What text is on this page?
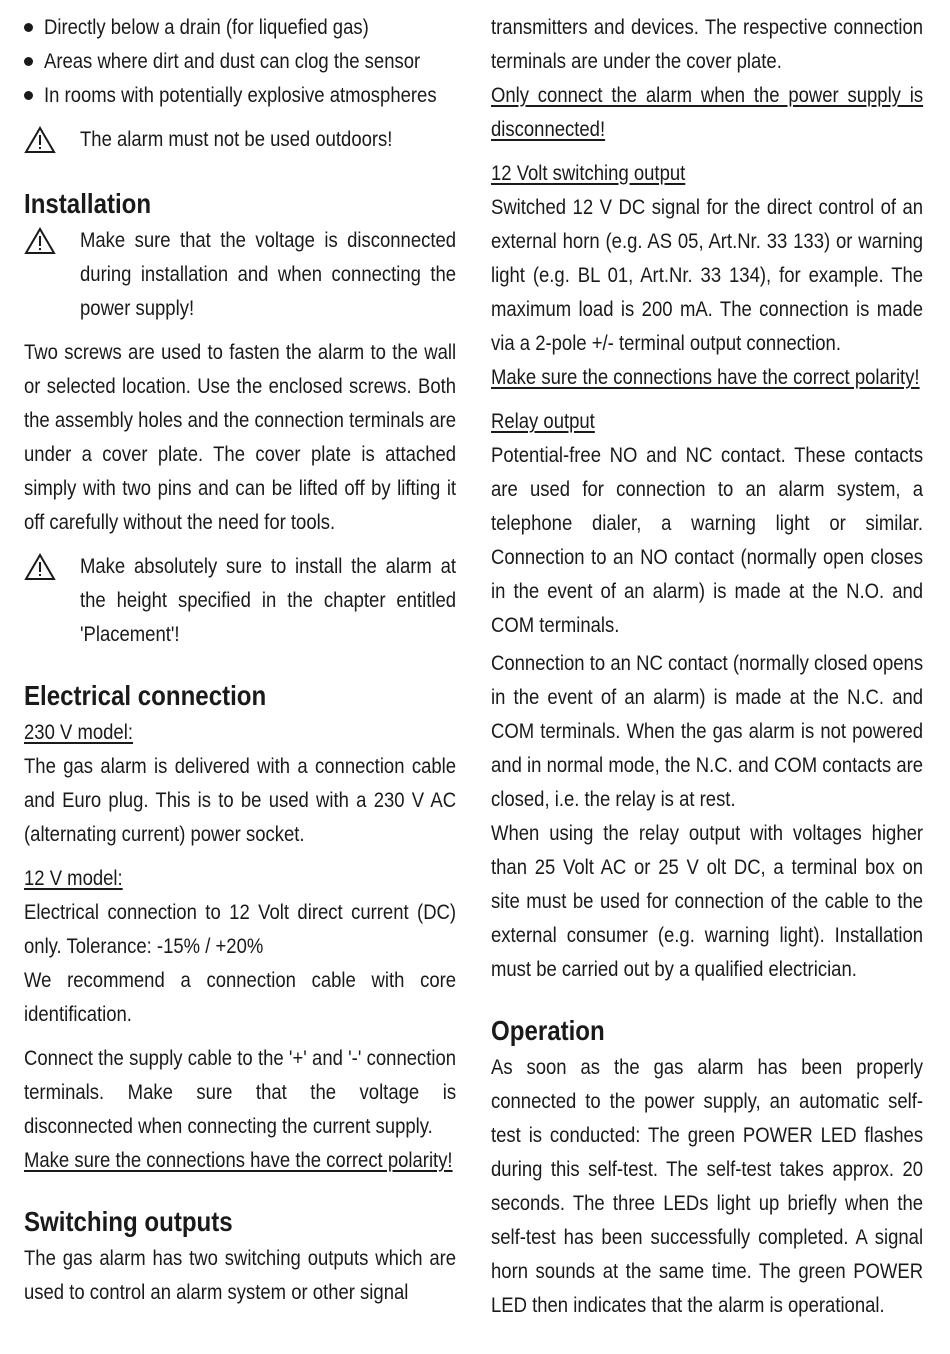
Directly below a drain (for liquefied gas)

Areas where dirt and dust can clog the sensor

In rooms with potentially explosive atmospheres

The alarm must not be used outdoors!

Installation

Make sure that the voltage is disconnected during installation and when connecting the power supply!

Two screws are used to fasten the alarm to the wall or selected location. Use the enclosed screws. Both the assembly holes and the connection terminals are under a cover plate. The cover plate is attached simply with two pins and can be lifted off by lifting it off carefully without the need for tools.

Make absolutely sure to install the alarm at the height specified in the chapter entitled 'Placement'!

Electrical connection

230 V model:

The gas alarm is delivered with a connection cable and Euro plug. This is to be used with a 230 V AC (alternating current) power socket.

12 V model:

Electrical connection to 12 Volt direct current (DC) only. Tolerance: -15% / +20%

We recommend a connection cable with core identification.

Connect the supply cable to the '+' and '-' connection terminals. Make sure that the voltage is disconnected when connecting the current supply.

Make sure the connections have the correct polarity!

Switching outputs

The gas alarm has two switching outputs which are used to control an alarm system or other signal

transmitters and devices. The respective connection terminals are under the cover plate.

Only connect the alarm when the power supply is disconnected!

12 Volt switching output

Switched 12 V DC signal for the direct control of an external horn (e.g. AS 05, Art.Nr. 33 133) or warning light (e.g. BL 01, Art.Nr. 33 134), for example. The maximum load is 200 mA. The connection is made via a 2-pole +/- terminal output connection.

Make sure the connections have the correct polarity!

Relay output

Potential-free NO and NC contact. These contacts are used for connection to an alarm system, a telephone dialer, a warning light or similar. Connection to an NO contact (normally open closes in the event of an alarm) is made at the N.O. and COM terminals.

Connection to an NC contact (normally closed opens in the event of an alarm) is made at the N.C. and COM terminals. When the gas alarm is not powered and in normal mode, the N.C. and COM contacts are closed, i.e. the relay is at rest.

When using the relay output with voltages higher than 25 Volt AC or 25 V olt DC, a terminal box on site must be used for connection of the cable to the external consumer (e.g. warning light). Installation must be carried out by a qualified electrician.

Operation

As soon as the gas alarm has been properly connected to the power supply, an automatic self-test is conducted: The green POWER LED flashes during this self-test. The self-test takes approx. 20 seconds. The three LEDs light up briefly when the self-test has been successfully completed. A signal horn sounds at the same time. The green POWER LED then indicates that the alarm is operational.
